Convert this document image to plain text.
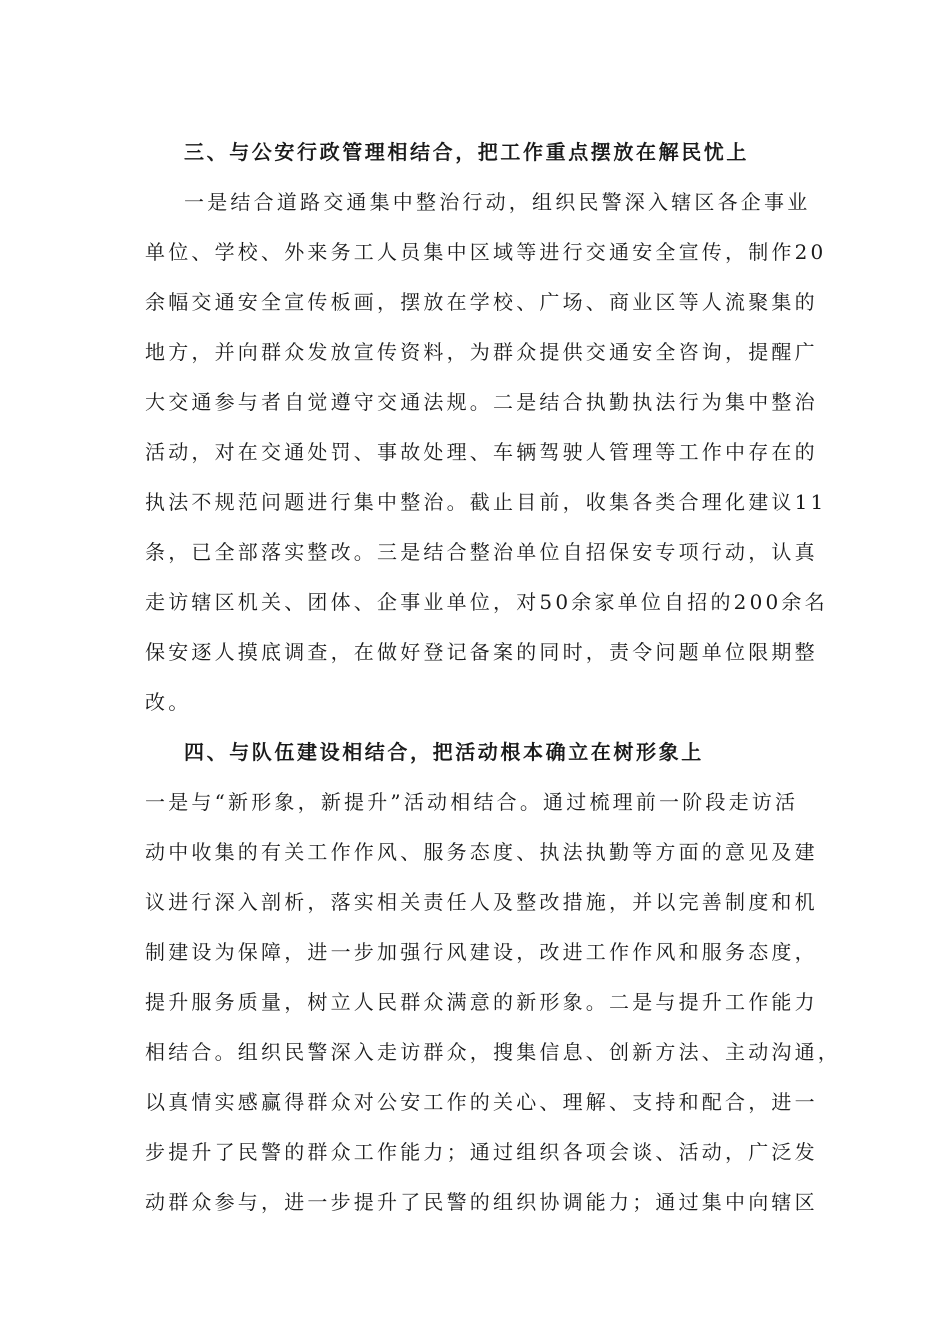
三、与公安行政管理相结合，把工作重点摆放在解民忧上
一是结合道路交通集中整治行动，组织民警深入辖区各企事业
单位、学校、外来务工人员集中区域等进行交通安全宣传，制作20
余幅交通安全宣传板画，摆放在学校、广场、商业区等人流聚集的
地方，并向群众发放宣传资料，为群众提供交通安全咨询，提醒广
大交通参与者自觉遵守交通法规。二是结合执勤执法行为集中整治
活动，对在交通处罚、事故处理、车辆驾驶人管理等工作中存在的
执法不规范问题进行集中整治。截止目前，收集各类合理化建议11
条，已全部落实整改。三是结合整治单位自招保安专项行动，认真
走访辖区机关、团体、企事业单位，对50余家单位自招的200余名
保安逐人摸底调查，在做好登记备案的同时，责令问题单位限期整
改。
四、与队伍建设相结合，把活动根本确立在树形象上
一是与“新形象，新提升”活动相结合。通过梳理前一阶段走访活
动中收集的有关工作作风、服务态度、执法执勤等方面的意见及建
议进行深入剖析，落实相关责任人及整改措施，并以完善制度和机
制建设为保障，进一步加强行风建设，改进工作作风和服务态度，
提升服务质量，树立人民群众满意的新形象。二是与提升工作能力
相结合。组织民警深入走访群众，搜集信息、创新方法、主动沟通，
以真情实感赢得群众对公安工作的关心、理解、支持和配合，进一
步提升了民警的群众工作能力；通过组织各项会谈、活动，广泛发
动群众参与，进一步提升了民警的组织协调能力；通过集中向辖区
